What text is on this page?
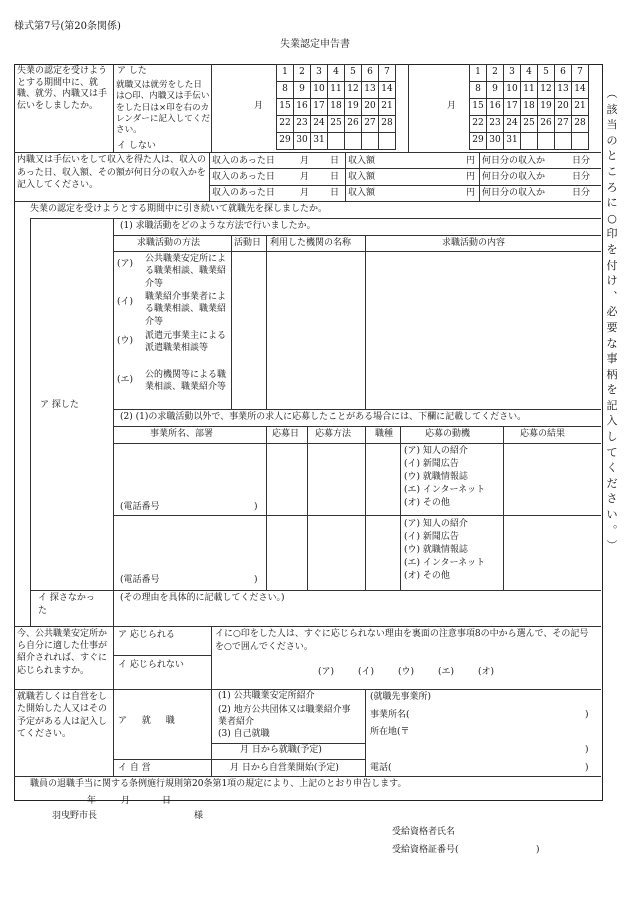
様式第7号(第20条関係)
失業認定申告書
失業の認定を受けようとする期間中に、就職、就労、内職又は手伝いをしましたか。
ア した
就職又は就労をした日は○印、内職又は手伝いをした日は×印を右のカレンダーに記入してください。
イ しない
	1	2	3	4	5	6	7
	8	9	10	11	12	13	14
月	15	16	17	18	19	20	21
	22	23	24	25	26	27	28
	29	30	31				
	1	2	3	4	5	6	7
	8	9	10	11	12	13	14
月	15	16	17	18	19	20	21
	22	23	24	25	26	27	28
	29	30	31				
内職又は手伝いをして収入を得た人は、収入のあった日、収入額、その額が何日分の収入かを記入してください。
収入のあった日	月 日 収入額	円 何日分の収入か	日分
収入のあった日	月 日 収入額	円 何日分の収入か	日分
収入のあった日	月 日 収入額	円 何日分の収入か	日分
失業の認定を受けようとする期間中に引き続いて就職先を探しましたか。
ア 探した
(1) 求職活動をどのような方法で行いましたか。
求職活動の方法	活動日 利用した機関の名称	求職活動の内容
(ア) 公共職業安定所による職業相談、職業紹介等
(イ) 職業紹介事業者による職業相談、職業紹介等
(ウ) 派遣元事業主による派遣職業相談等
(エ) 公的機関等による職業相談、職業紹介等
(2) (1)の求職活動以外で、事業所の求人に応募したことがある場合には、下欄に記載してください。
事業所名、部署	応募日 応募方法	職種	応募の動機	応募の結果
(電話番号	)
(ア) 知人の紹介
(イ) 新聞広告
(ウ) 就職情報誌
(エ) インターネット
(オ) その他
(電話番号	)
(ア) 知人の紹介
(イ) 新聞広告
(ウ) 就職情報誌
(エ) インターネット
(オ) その他
イ 探さなかった
(その理由を具体的に記載してください。)
今、公共職業安定所から自分に適した仕事が紹介されれば、すぐに応じられますか。
ア 応じられる
イ 応じられない
イに○印をした人は、すぐに応じられない理由を裏面の注意事項8の中から選んで、その記号を○で囲んでください。
(ア)	(イ)	(ウ)	(エ)	(オ)
就職若しくは自営をした開始した人又はその予定がある人は記入してください。
ア 就 職
(1) 公共職業安定所紹介
(2) 地方公共団体又は職業紹介事業者紹介
(3) 自己就職
月 日から就職(予定)
イ 自 営	月 日から自営業開始(予定)
(就職先事業所)
事業所名(	)
所在地(〒
)
電話(	)
職員の退職手当に関する条例施行規則第20条第1項の規定により、上記のとおり申告します。
年	月	日
羽曳野市長	様
受給資格者氏名
受給資格証番号(	)
︵
該
当
の
と
こ
ろ
に
○
印
を
付
け
︑
必
要
な
事
柄
を
記
入
し
て
く
だ
さ
い
︒
︶
